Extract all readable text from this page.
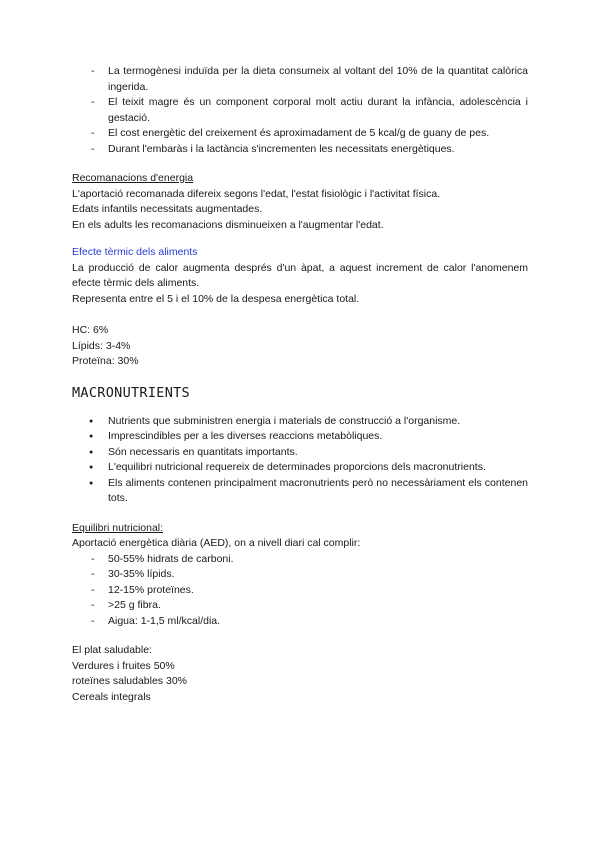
- La termogènesi induïda per la dieta consumeix al voltant del 10% de la quantitat calòrica ingerida.
- El teixit magre és un component corporal molt actiu durant la infància, adolescència i gestació.
- El cost energètic del creixement és aproximadament de 5 kcal/g de guany de pes.
- Durant l'embaràs i la lactància s'incrementen les necessitats energètiques.

Recomanacions d'energia

L'aportació recomanada difereix segons l'edat, l'estat fisiològic i l'activitat física.

Edats infantils necessitats augmentades.

En els adults les recomanacions disminueixen a l'augmentar l'edat.

Efecte tèrmic dels aliments

La producció de calor augmenta després d'un àpat, a aquest increment de calor l'anomenem efecte tèrmic dels aliments.

Representa entre el 5 i el 10% de la despesa energètica total.

HC: 6%

Lípids: 3-4%

Proteïna: 30%

MACRONUTRIENTS
● Nutrients que subministren energia i materials de construcció a l'organisme.
● Imprescindibles per a les diverses reaccions metabòliques.
● Són necessaris en quantitats importants.
● L'equilibri nutricional requereix de determinades proporcions dels macronutrients.
● Els aliments contenen principalment macronutrients però no necessàriament els contenen tots.

Equilibri nutricional:

Aportació energètica diària (AED), on a nivell diari cal complir:

- 50-55% hidrats de carboni.
- 30-35% lípids.
- 12-15% proteïnes.
- >25 g fibra.
- Aigua: 1-1,5 ml/kcal/dia.

El plat saludable:

Verdures i fruites 50%

roteïnes saludables 30%

Cereals integrals
